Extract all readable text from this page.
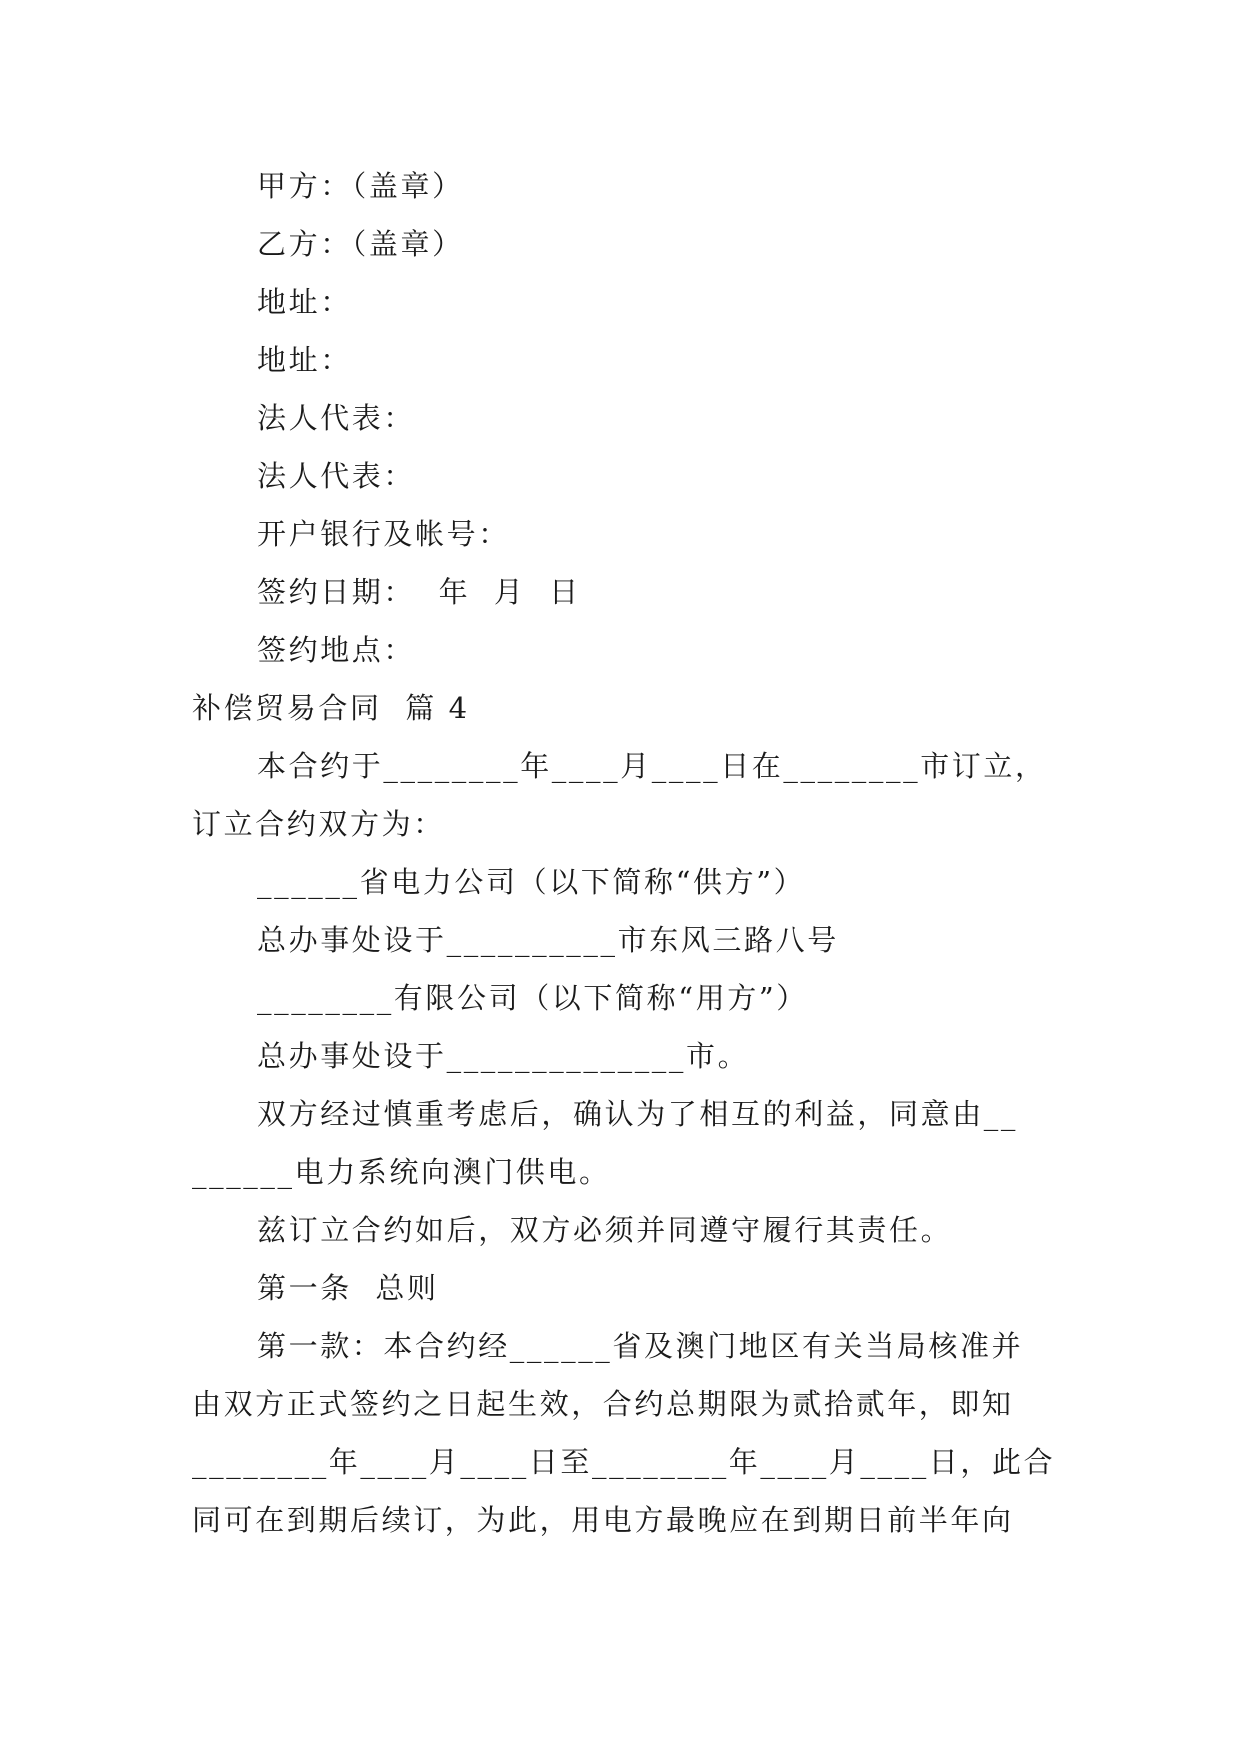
甲方：（盖章）
乙方：（盖章）
地址：
地址：
法人代表：
法人代表：
开户银行及帐号：
签约日期：  年  月  日
签约地点：
补偿贸易合同  篇 4
本合约于________年____月____日在________市订立，
订立合约双方为：
______省电力公司（以下简称“供方”）
总办事处设于__________市东风三路八号
________有限公司（以下简称“用方”）
总办事处设于______________市。
双方经过慎重考虑后，确认为了相互的利益，同意由__
______电力系统向澳门供电。
兹订立合约如后，双方必须并同遵守履行其责任。
第一条  总则
第一款：本合约经______省及澳门地区有关当局核准并
由双方正式签约之日起生效，合约总期限为贰拾贰年，即知
________年____月____日至________年____月____日，此合
同可在到期后续订，为此，用电方最晚应在到期日前半年向
